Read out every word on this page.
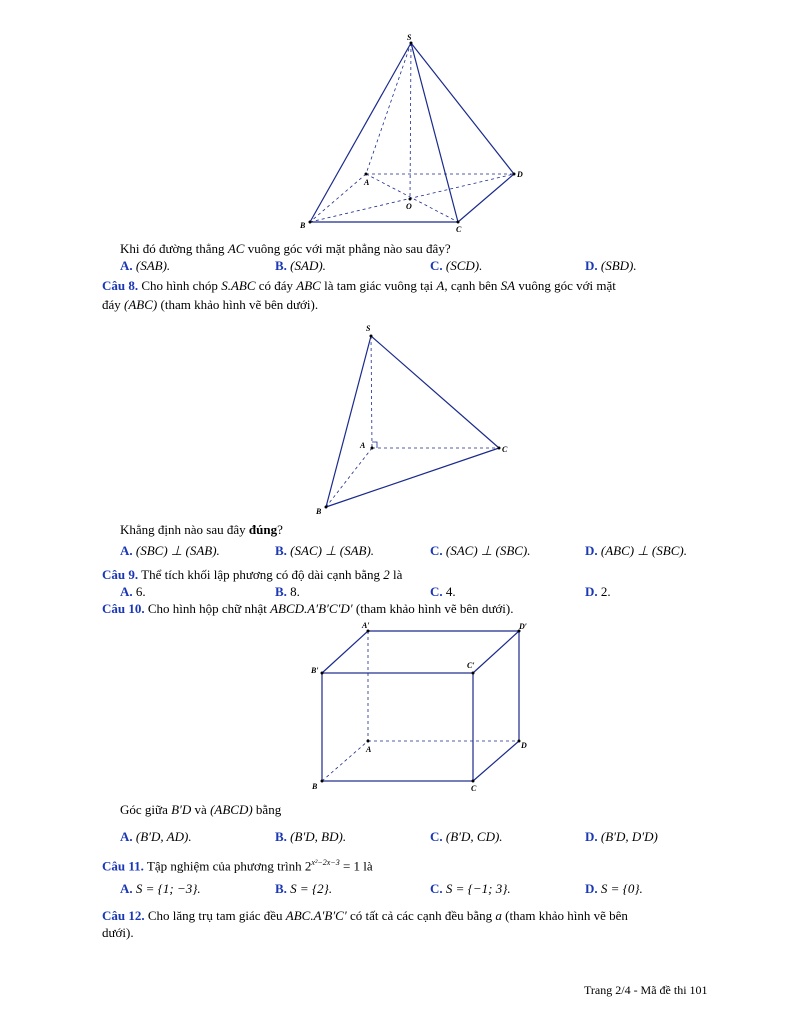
S
A
B	C
D
O
Khi đó đường thẳng AC vuông góc với mặt phẳng nào sau đây?
A. (SAB).	B. (SAD).	C. (SCD).	D. (SBD).
Câu 8. Cho hình chóp S.ABC có đáy ABC là tam giác vuông tại A, cạnh bên SA vuông góc với mặt
đáy (ABC) (tham khảo hình vẽ bên dưới).
S
A
B
C
Khẳng định nào sau đây đúng?
A. (SBC) ⊥ (SAB).	B. (SAC) ⊥ (SAB).	C. (SAC) ⊥ (SBC).	D. (ABC) ⊥ (SBC).
Câu 9. Thể tích khối lập phương có độ dài cạnh bằng 2 là
A. 6.	B. 8.	C. 4.	D. 2.
Câu 10. Cho hình hộp chữ nhật ABCD.A′B′C′D′ (tham khảo hình vẽ bên dưới).
A′	D′
B′
C′
A	D
B	C
Góc giữa B′D và (ABCD) bằng
A. (B′D, AD).	B. (B′D, BD).	C. (B′D, CD).	D. (B′D, D′D)
Câu 11. Tập nghiệm của phương trình $2^{x^2-2x-3} = 1$ là
A. S = {1; −3}.	B. S = {2}.	C. S = {−1; 3}.	D. S = {0}.
Câu 12. Cho lăng trụ tam giác đều ABC.A′B′C′ có tất cả các cạnh đều bằng a (tham khảo hình vẽ bên
dưới).
Trang 2/4 - Mã đề thi 101
